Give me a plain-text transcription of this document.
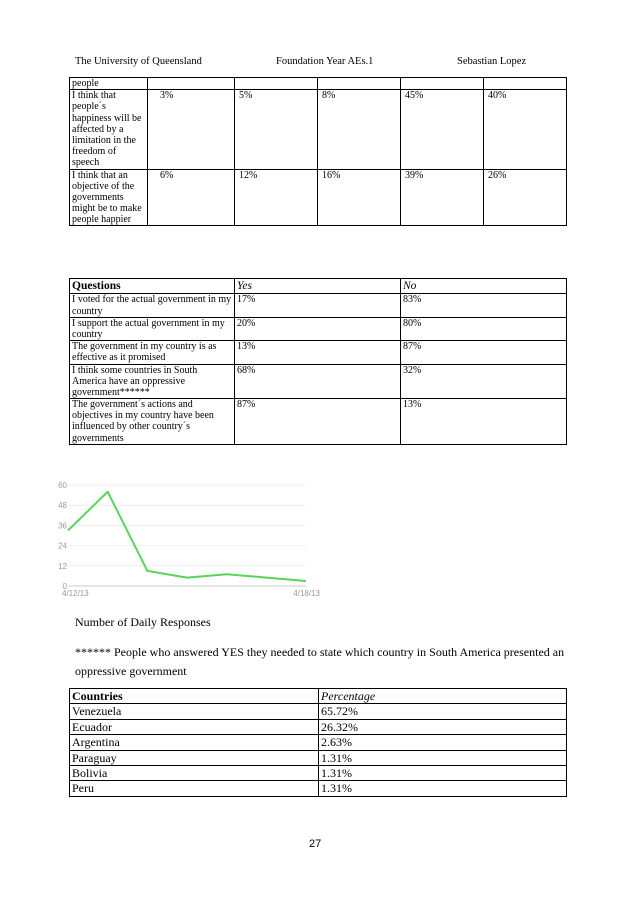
The University of Queensland	Foundation Year AEs.1	Sebastian Lopez
people					
I think that people´s happiness will be affected by a limitation in the freedom of speech	3%	5%	8%	45%	40%
I think that an objective of the governments might be to make people happier	6%	12%	16%	39%	26%
Questions	Yes	No
I voted for the actual government in my country	17%	83%
I support the actual government in my country	20%	80%
The government in my country is as effective as it promised	13%	87%
I think some countries in South America have an oppressive government******	68%	32%
The government´s actions and objectives in my country have been influenced by other country´s governments	87%	13%
0
12
24
36
48
60
4/12/13	4/18/13
Number of Daily Responses
****** People who answered YES they needed to state which country in South America presented an oppressive government
Countries	Percentage
Venezuela	65.72%
Ecuador	26.32%
Argentina	2.63%
Paraguay	1.31%
Bolivia	1.31%
Peru	1.31%
27
